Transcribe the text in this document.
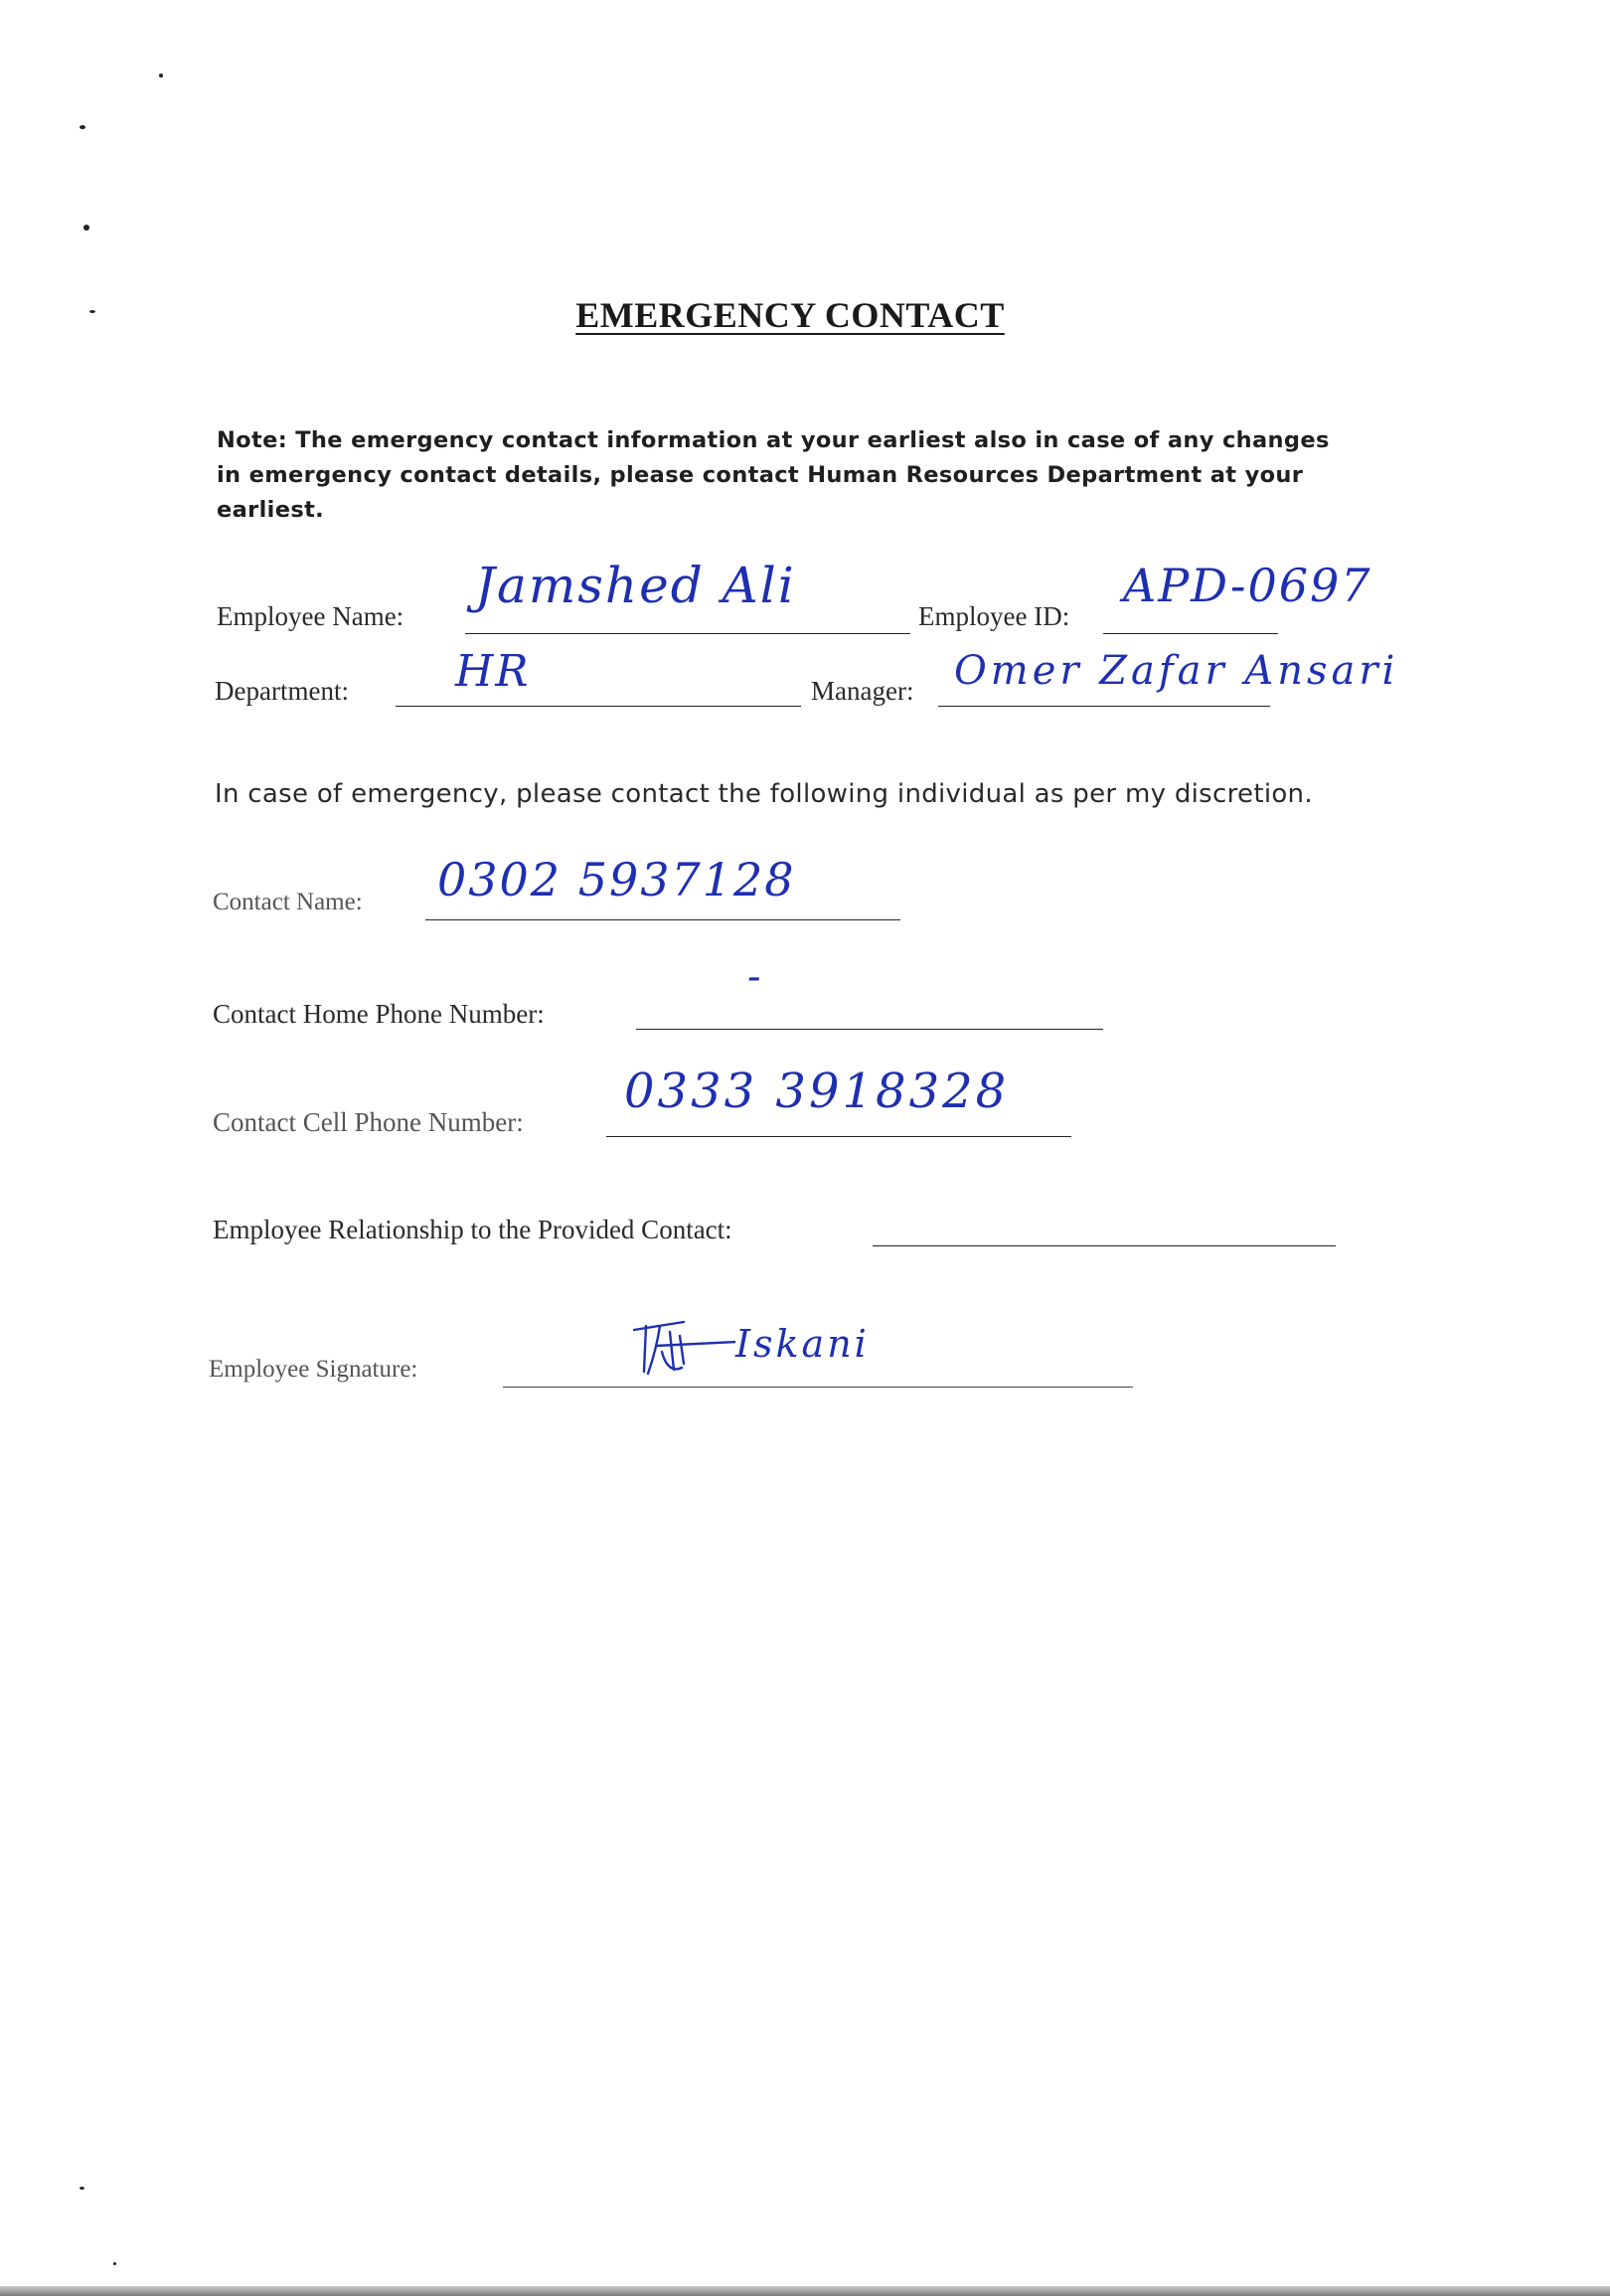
EMERGENCY CONTACT
Note: The emergency contact information at your earliest also in case of any changes in emergency contact details, please contact Human Resources Department at your earliest.
Employee Name:
Jamshed Ali
Employee ID:
APD-0697
Department: HR	Manager: Omer Zafar Ansari
In case of emergency, please contact the following individual as per my discretion.
Contact Name: 0302 5937128
Contact Home Phone Number:
-
Contact Cell Phone Number:
0333 3918328
Employee Relationship to the Provided Contact:
Employee Signature:
Iskani
